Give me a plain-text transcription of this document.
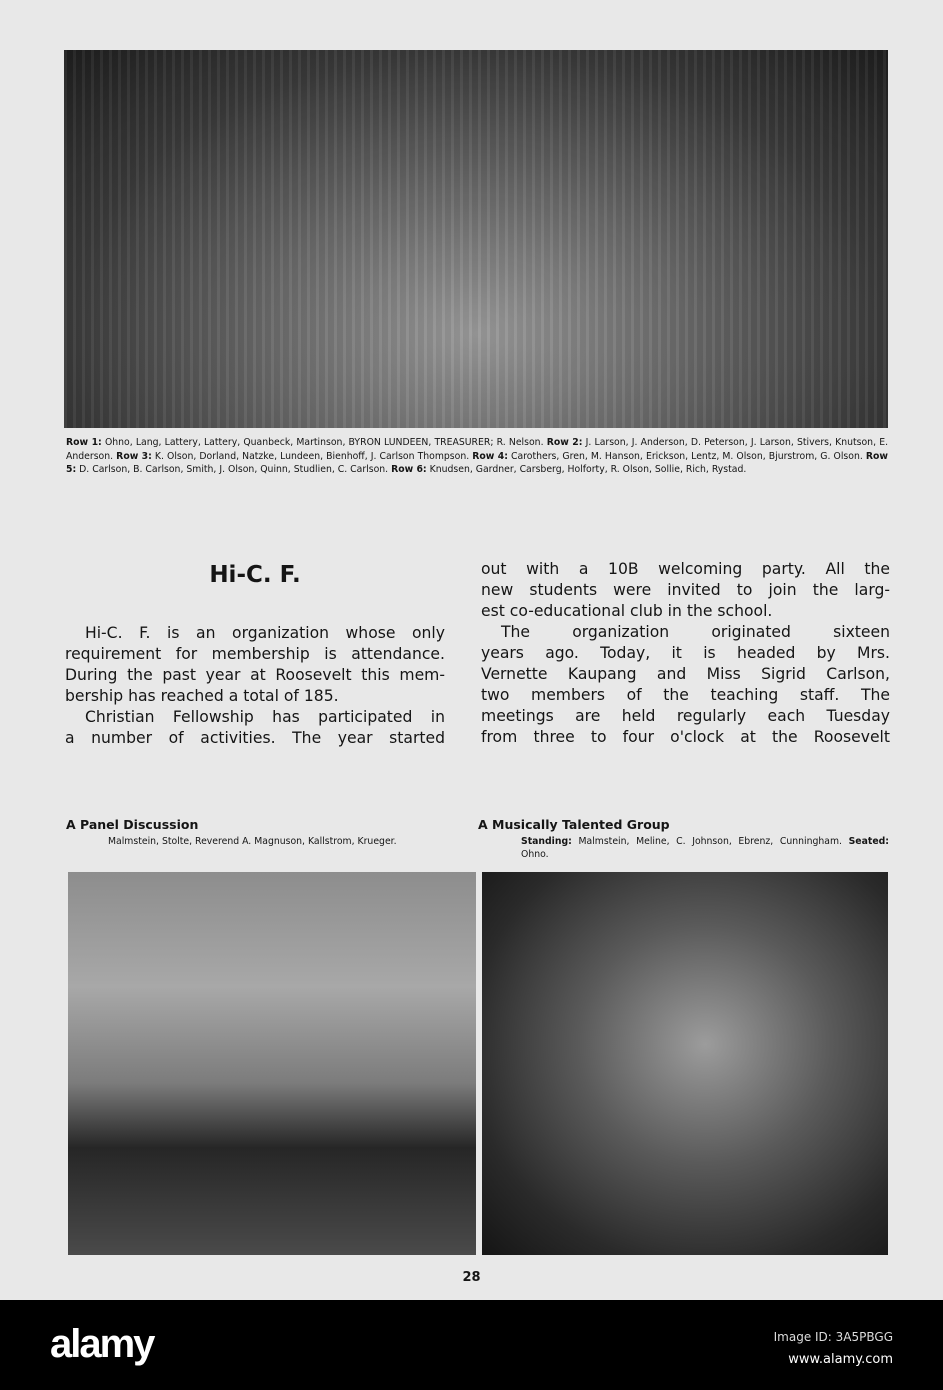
Row 1: Ohno, Lang, Lattery, Lattery, Quanbeck, Martinson, BYRON LUNDEEN, TREASURER; R. Nelson. Row 2: J. Larson, J. Anderson, D. Peterson, J. Larson, Stivers, Knutson, E. Anderson. Row 3: K. Olson, Dorland, Natzke, Lundeen, Bienhoff, J. Carlson Thompson. Row 4: Carothers, Gren, M. Hanson, Erickson, Lentz, M. Olson, Bjurstrom, G. Olson. Row 5: D. Carlson, B. Carlson, Smith, J. Olson, Quinn, Studlien, C. Carlson. Row 6: Knudsen, Gardner, Carsberg, Holforty, R. Olson, Sollie, Rich, Rystad.
Hi-C. F.
Hi-C. F. is an organization whose only
requirement for membership is attendance.
During the past year at Roosevelt this mem-
bership has reached a total of 185.
Christian Fellowship has participated in
a number of activities. The year started
out with a 10B welcoming party. All the
new students were invited to join the larg-
est co-educational club in the school.
The organization originated sixteen
years ago. Today, it is headed by Mrs.
Vernette Kaupang and Miss Sigrid Carlson,
two members of the teaching staff. The
meetings are held regularly each Tuesday
from three to four o'clock at the Roosevelt
A Panel Discussion
Malmstein, Stolte, Reverend A. Magnuson, Kallstrom, Krueger.
A Musically Talented Group
Standing: Malmstein, Meline, C. Johnson, Ebrenz, Cunningham. Seated: Ohno.
28
alamy	Image ID: 3A5PBGG
www.alamy.com
